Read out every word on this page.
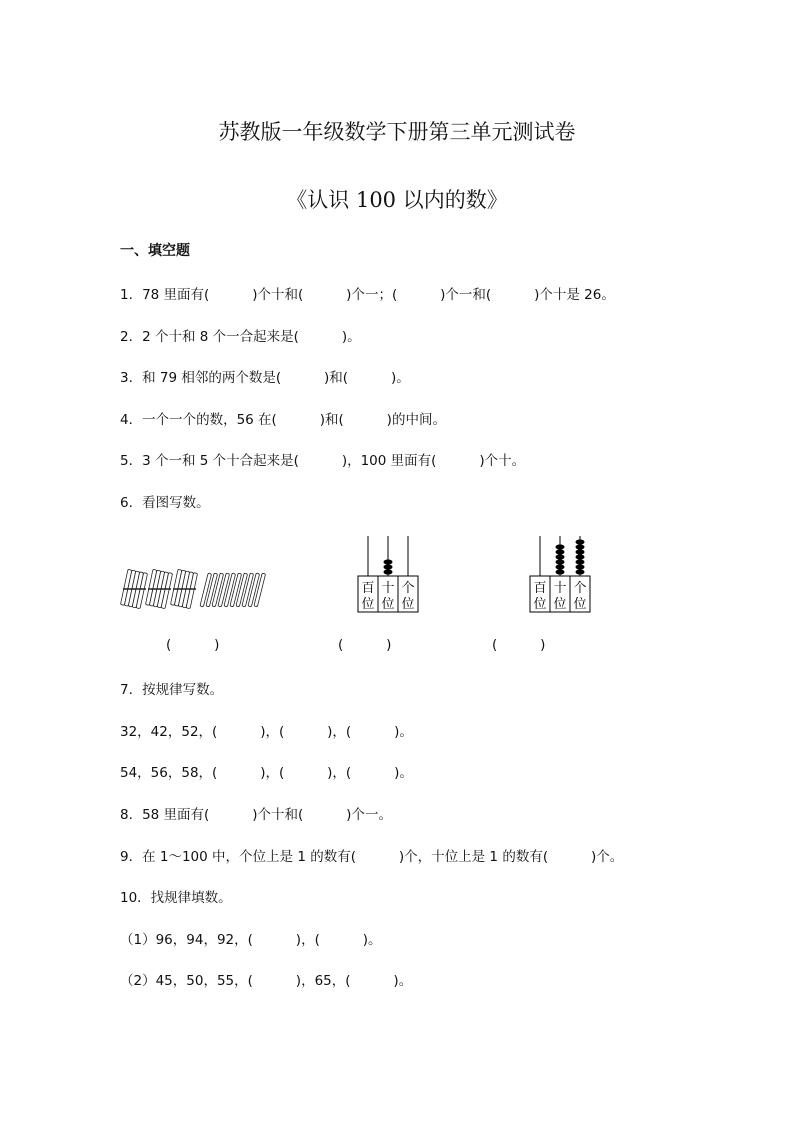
苏教版一年级数学下册第三单元测试卷
《认识 100 以内的数》
一、填空题
1．78 里面有(          )个十和(          )个一；(          )个一和(          )个十是 26。
2．2 个十和 8 个一合起来是(          )。
3．和 79 相邻的两个数是(          )和(          )。
4．一个一个的数，56 在(          )和(          )的中间。
5．3 个一和 5 个十合起来是(          )，100 里面有(          )个十。
6．看图写数。
百
位
十
位
个
位
百
位
十
位
个
位
(          )	(          )	(          )
7．按规律写数。
32，42，52，(          )，(          )，(          )。
54，56，58，(          )，(          )，(          )。
8．58 里面有(          )个十和(          )个一。
9．在 1～100 中，个位上是 1 的数有(          )个，十位上是 1 的数有(          )个。
10．找规律填数。
（1）96，94，92，(          )，(          )。
（2）45，50，55，(          )，65，(          )。
